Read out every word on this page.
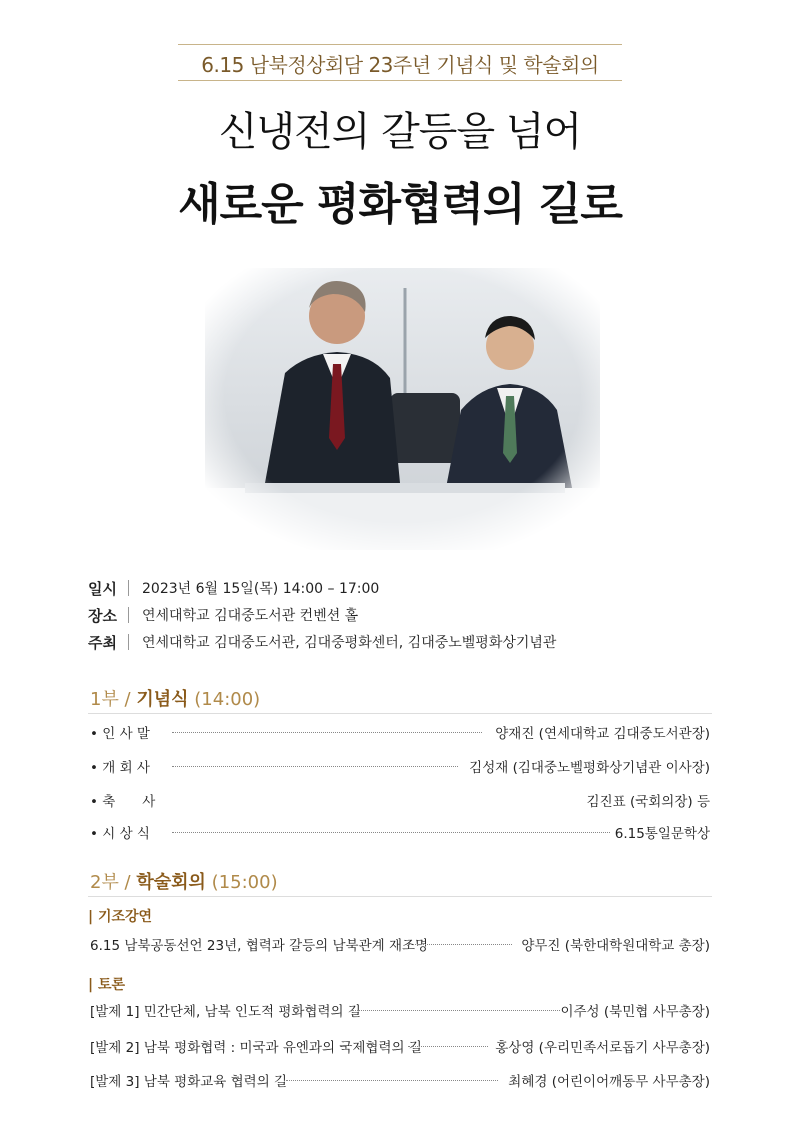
6.15 남북정상회담 23주년 기념식 및 학술회의
신냉전의 갈등을 넘어
새로운 평화협력의 길로
일시	2023년 6월 15일(목) 14:00 – 17:00
장소	연세대학교 김대중도서관 컨벤션 홀
주최	연세대학교 김대중도서관, 김대중평화센터, 김대중노벨평화상기념관
1부 / 기념식 (14:00)
• 인 사 말	양재진 (연세대학교 김대중도서관장)
• 개 회 사	김성재 (김대중노벨평화상기념관 이사장)
• 축　　사	김진표 (국회의장) 등
• 시 상 식	6.15통일문학상
2부 / 학술회의 (15:00)
| 기조강연
6.15 남북공동선언 23년, 협력과 갈등의 남북관계 재조명	양무진 (북한대학원대학교 총장)
| 토론
[발제 1] 민간단체, 남북 인도적 평화협력의 길	이주성 (북민협 사무총장)
[발제 2] 남북 평화협력 : 미국과 유엔과의 국제협력의 길	홍상영 (우리민족서로돕기 사무총장)
[발제 3] 남북 평화교육 협력의 길	최혜경 (어린이어깨동무 사무총장)
